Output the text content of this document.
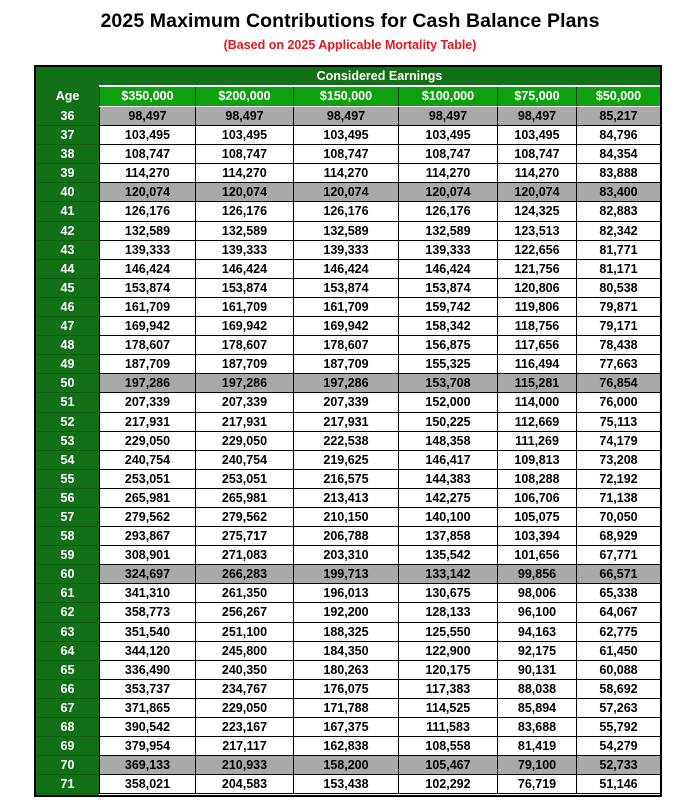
2025 Maximum Contributions for Cash Balance Plans
(Based on 2025 Applicable Mortality Table)
Considered Earnings
Age	$350,000	$200,000	$150,000	$100,000	$75,000	$50,000
36	98,497	98,497	98,497	98,497	98,497	85,217
37	103,495	103,495	103,495	103,495	103,495	84,796
38	108,747	108,747	108,747	108,747	108,747	84,354
39	114,270	114,270	114,270	114,270	114,270	83,888
40	120,074	120,074	120,074	120,074	120,074	83,400
41	126,176	126,176	126,176	126,176	124,325	82,883
42	132,589	132,589	132,589	132,589	123,513	82,342
43	139,333	139,333	139,333	139,333	122,656	81,771
44	146,424	146,424	146,424	146,424	121,756	81,171
45	153,874	153,874	153,874	153,874	120,806	80,538
46	161,709	161,709	161,709	159,742	119,806	79,871
47	169,942	169,942	169,942	158,342	118,756	79,171
48	178,607	178,607	178,607	156,875	117,656	78,438
49	187,709	187,709	187,709	155,325	116,494	77,663
50	197,286	197,286	197,286	153,708	115,281	76,854
51	207,339	207,339	207,339	152,000	114,000	76,000
52	217,931	217,931	217,931	150,225	112,669	75,113
53	229,050	229,050	222,538	148,358	111,269	74,179
54	240,754	240,754	219,625	146,417	109,813	73,208
55	253,051	253,051	216,575	144,383	108,288	72,192
56	265,981	265,981	213,413	142,275	106,706	71,138
57	279,562	279,562	210,150	140,100	105,075	70,050
58	293,867	275,717	206,788	137,858	103,394	68,929
59	308,901	271,083	203,310	135,542	101,656	67,771
60	324,697	266,283	199,713	133,142	99,856	66,571
61	341,310	261,350	196,013	130,675	98,006	65,338
62	358,773	256,267	192,200	128,133	96,100	64,067
63	351,540	251,100	188,325	125,550	94,163	62,775
64	344,120	245,800	184,350	122,900	92,175	61,450
65	336,490	240,350	180,263	120,175	90,131	60,088
66	353,737	234,767	176,075	117,383	88,038	58,692
67	371,865	229,050	171,788	114,525	85,894	57,263
68	390,542	223,167	167,375	111,583	83,688	55,792
69	379,954	217,117	162,838	108,558	81,419	54,279
70	369,133	210,933	158,200	105,467	79,100	52,733
71	358,021	204,583	153,438	102,292	76,719	51,146
